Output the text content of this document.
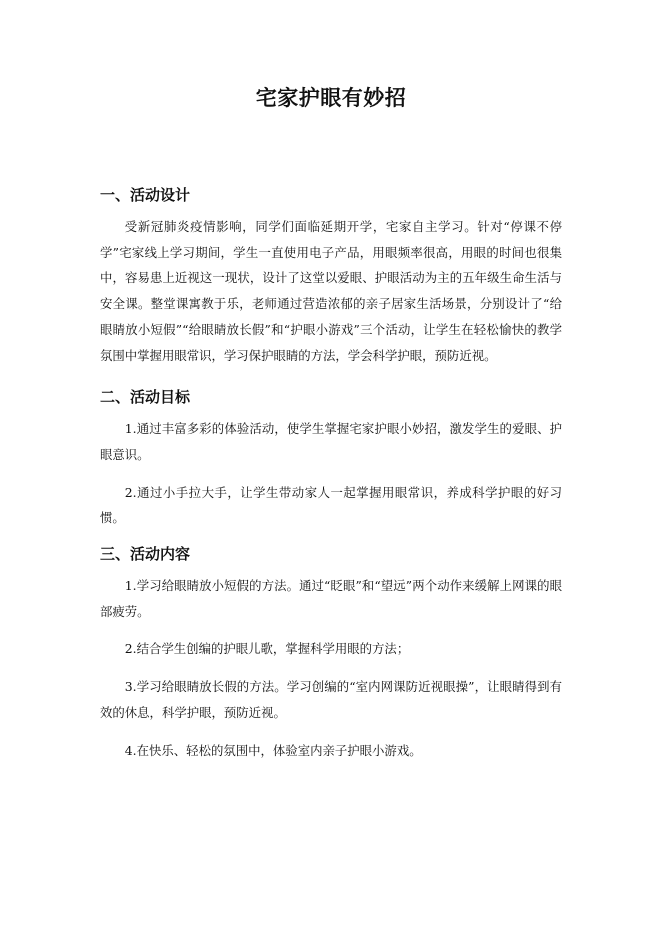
宅家护眼有妙招
一、活动设计

受新冠肺炎疫情影响，同学们面临延期开学，宅家自主学习。针对“停课不停学”宅家线上学习期间，学生一直使用电子产品，用眼频率很高，用眼的时间也很集中，容易患上近视这一现状，设计了这堂以爱眼、护眼活动为主的五年级生命生活与安全课。整堂课寓教于乐，老师通过营造浓郁的亲子居家生活场景，分别设计了“给眼睛放小短假”“给眼睛放长假”和“护眼小游戏”三个活动，让学生在轻松愉快的教学氛围中掌握用眼常识，学习保护眼睛的方法，学会科学护眼，预防近视。

二、活动目标

1.通过丰富多彩的体验活动，使学生掌握宅家护眼小妙招，激发学生的爱眼、护眼意识。

2.通过小手拉大手，让学生带动家人一起掌握用眼常识，养成科学护眼的好习惯。

三、活动内容

1.学习给眼睛放小短假的方法。通过“眨眼”和“望远”两个动作来缓解上网课的眼部疲劳。

2.结合学生创编的护眼儿歌，掌握科学用眼的方法；

3.学习给眼睛放长假的方法。学习创编的“室内网课防近视眼操”，让眼睛得到有效的休息，科学护眼，预防近视。

4.在快乐、轻松的氛围中，体验室内亲子护眼小游戏。
